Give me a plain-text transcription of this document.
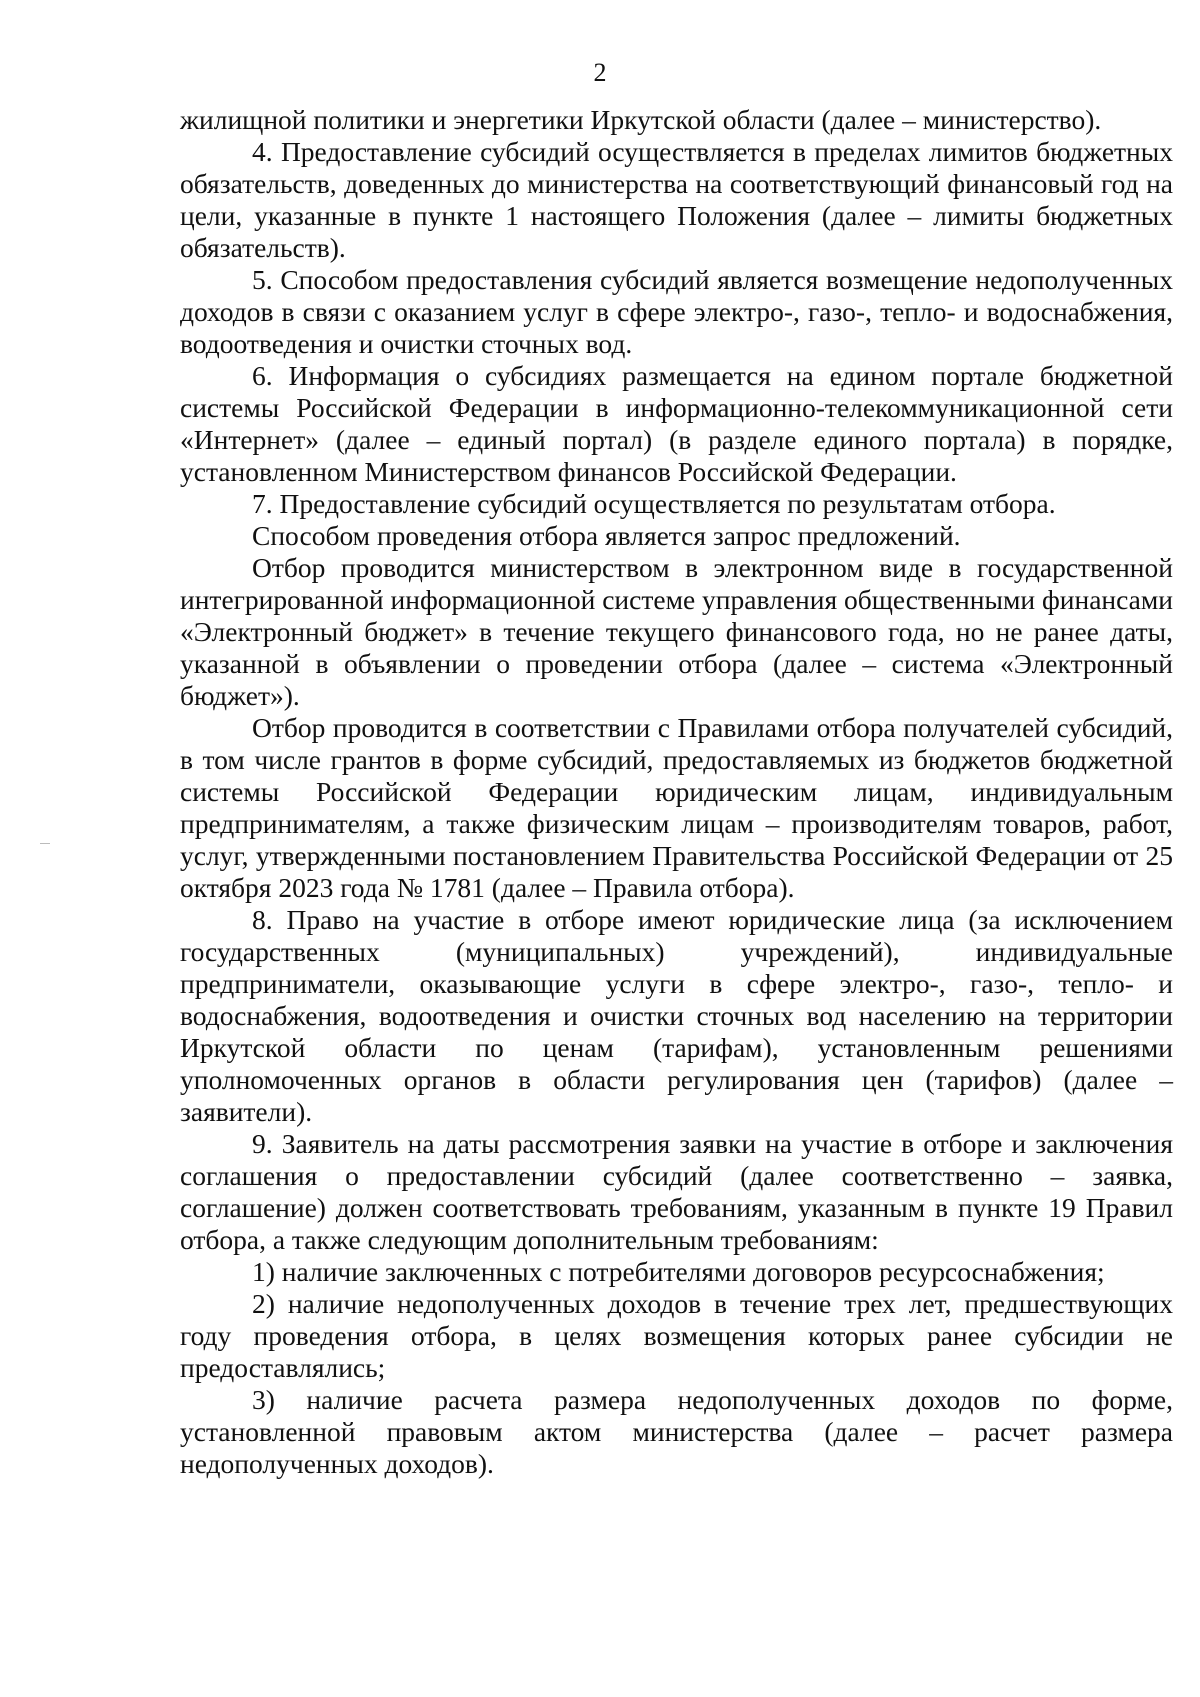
2

жилищной политики и энергетики Иркутской области (далее – министерство).

4. Предоставление субсидий осуществляется в пределах лимитов бюджетных обязательств, доведенных до министерства на соответствующий финансовый год на цели, указанные в пункте 1 настоящего Положения (далее – лимиты бюджетных обязательств).

5. Способом предоставления субсидий является возмещение недополученных доходов в связи с оказанием услуг в сфере электро-, газо-, тепло- и водоснабжения, водоотведения и очистки сточных вод.

6. Информация о субсидиях размещается на едином портале бюджетной системы Российской Федерации в информационно-телекоммуникационной сети «Интернет» (далее – единый портал) (в разделе единого портала) в порядке, установленном Министерством финансов Российской Федерации.

7. Предоставление субсидий осуществляется по результатам отбора.

Способом проведения отбора является запрос предложений.

Отбор проводится министерством в электронном виде в государственной интегрированной информационной системе управления общественными финансами «Электронный бюджет» в течение текущего финансового года, но не ранее даты, указанной в объявлении о проведении отбора (далее – система «Электронный бюджет»).

Отбор проводится в соответствии с Правилами отбора получателей субсидий, в том числе грантов в форме субсидий, предоставляемых из бюджетов бюджетной системы Российской Федерации юридическим лицам, индивидуальным предпринимателям, а также физическим лицам – производителям товаров, работ, услуг, утвержденными постановлением Правительства Российской Федерации от 25 октября 2023 года № 1781 (далее – Правила отбора).

8. Право на участие в отборе имеют юридические лица (за исключением государственных (муниципальных) учреждений), индивидуальные предприниматели, оказывающие услуги в сфере электро-, газо-, тепло- и водоснабжения, водоотведения и очистки сточных вод населению на территории Иркутской области по ценам (тарифам), установленным решениями уполномоченных органов в области регулирования цен (тарифов) (далее – заявители).

9. Заявитель на даты рассмотрения заявки на участие в отборе и заключения соглашения о предоставлении субсидий (далее соответственно – заявка, соглашение) должен соответствовать требованиям, указанным в пункте 19 Правил отбора, а также следующим дополнительным требованиям:

1) наличие заключенных с потребителями договоров ресурсоснабжения;

2) наличие недополученных доходов в течение трех лет, предшествующих году проведения отбора, в целях возмещения которых ранее субсидии не предоставлялись;

3) наличие расчета размера недополученных доходов по форме, установленной правовым актом министерства (далее – расчет размера недополученных доходов).
